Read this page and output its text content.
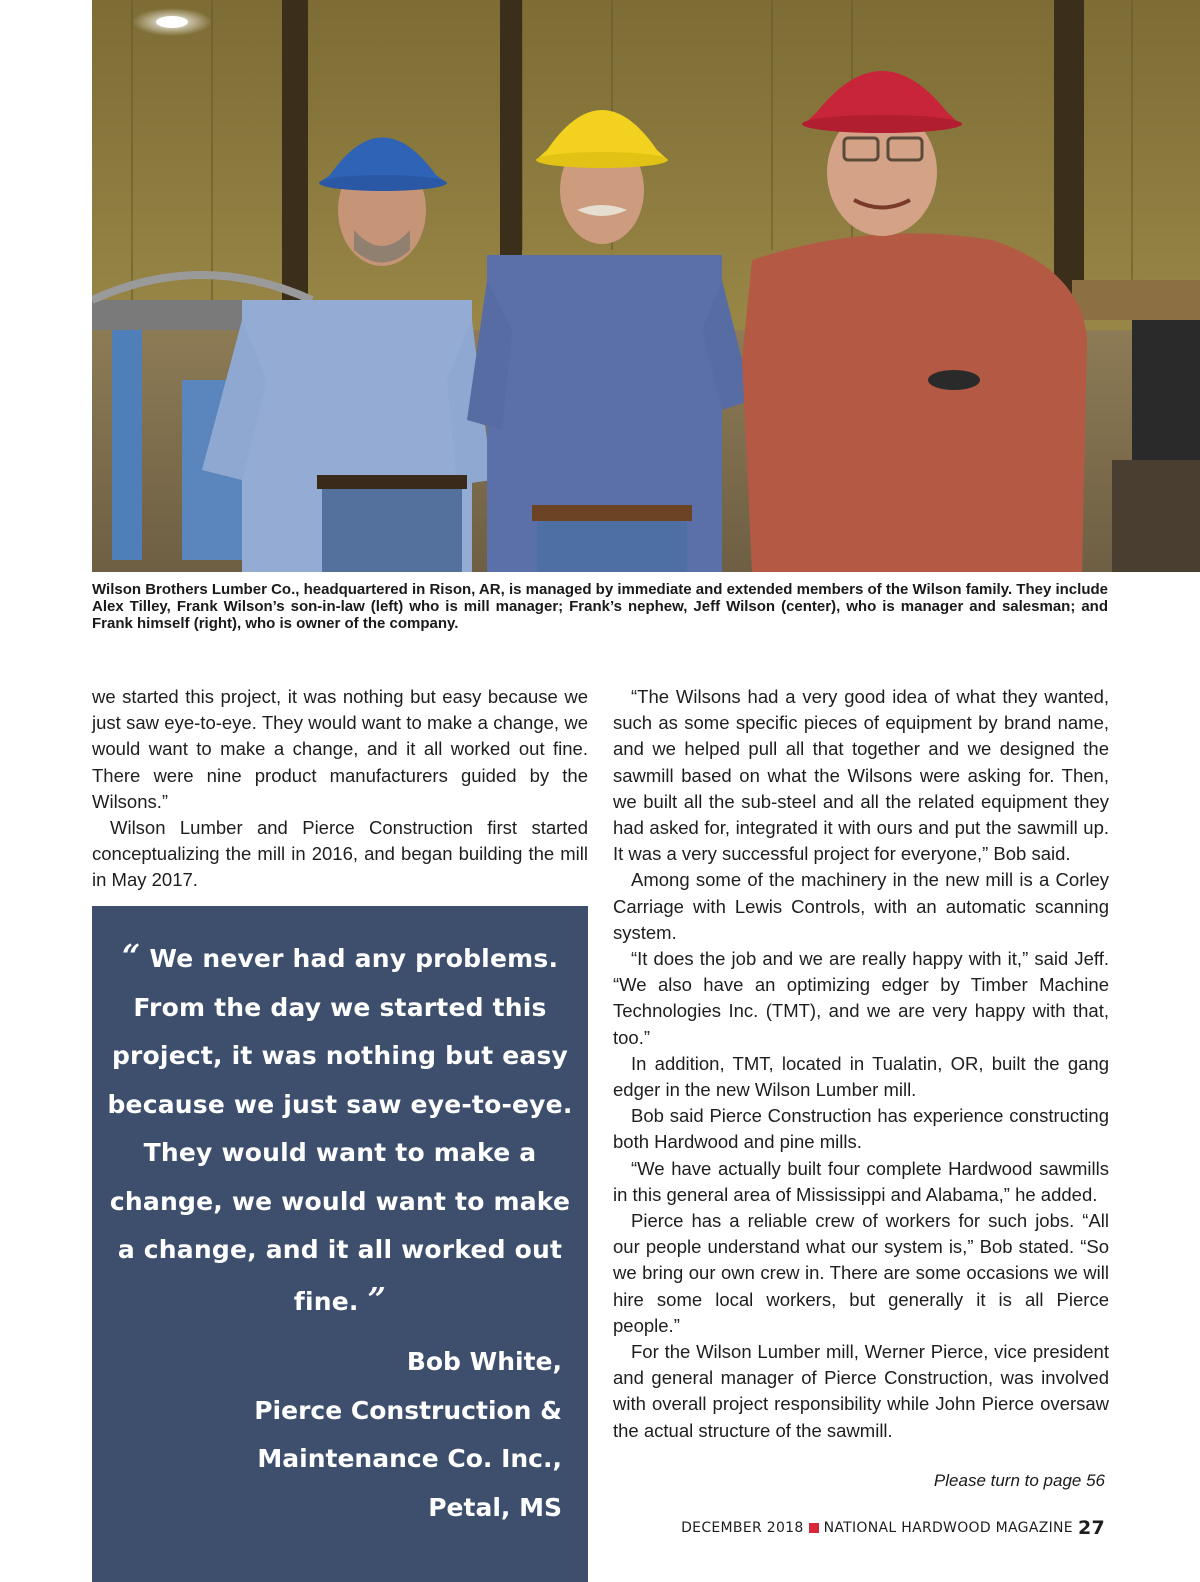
Wilson Brothers Lumber Co., headquartered in Rison, AR, is managed by immediate and extended members of the Wilson family. They include Alex Tilley, Frank Wilson’s son-in-law (left) who is mill manager; Frank’s nephew, Jeff Wilson (center), who is manager and salesman; and Frank himself (right), who is owner of the company.

we started this project, it was nothing but easy because we just saw eye-to-eye. They would want to make a change, we would want to make a change, and it all worked out fine. There were nine product manufacturers guided by the Wilsons.”

Wilson Lumber and Pierce Construction first started conceptualizing the mill in 2016, and began building the mill in May 2017.

“ We never had any problems. From the day we started this project, it was nothing but easy because we just saw eye-to-eye. They would want to make a change, we would want to make a change, and it all worked out fine. ”
Bob White,
Pierce Construction &
Maintenance Co. Inc.,
Petal, MS

“The Wilsons had a very good idea of what they wanted, such as some specific pieces of equipment by brand name, and we helped pull all that together and we designed the sawmill based on what the Wilsons were asking for. Then, we built all the sub-steel and all the related equipment they had asked for, integrated it with ours and put the sawmill up. It was a very successful project for everyone,” Bob said.

Among some of the machinery in the new mill is a Corley Carriage with Lewis Controls, with an automatic scanning system.

“It does the job and we are really happy with it,” said Jeff. “We also have an optimizing edger by Timber Machine Technologies Inc. (TMT), and we are very happy with that, too.”

In addition, TMT, located in Tualatin, OR, built the gang edger in the new Wilson Lumber mill.

Bob said Pierce Construction has experience constructing both Hardwood and pine mills.

“We have actually built four complete Hardwood sawmills in this general area of Mississippi and Alabama,” he added.

Pierce has a reliable crew of workers for such jobs. “All our people understand what our system is,” Bob stated. “So we bring our own crew in. There are some occasions we will hire some local workers, but generally it is all Pierce people.”

For the Wilson Lumber mill, Werner Pierce, vice president and general manager of Pierce Construction, was involved with overall project responsibility while John Pierce oversaw the actual structure of the sawmill.

Please turn to page 56
DECEMBER 2018 NATIONAL HARDWOOD MAGAZINE 27
